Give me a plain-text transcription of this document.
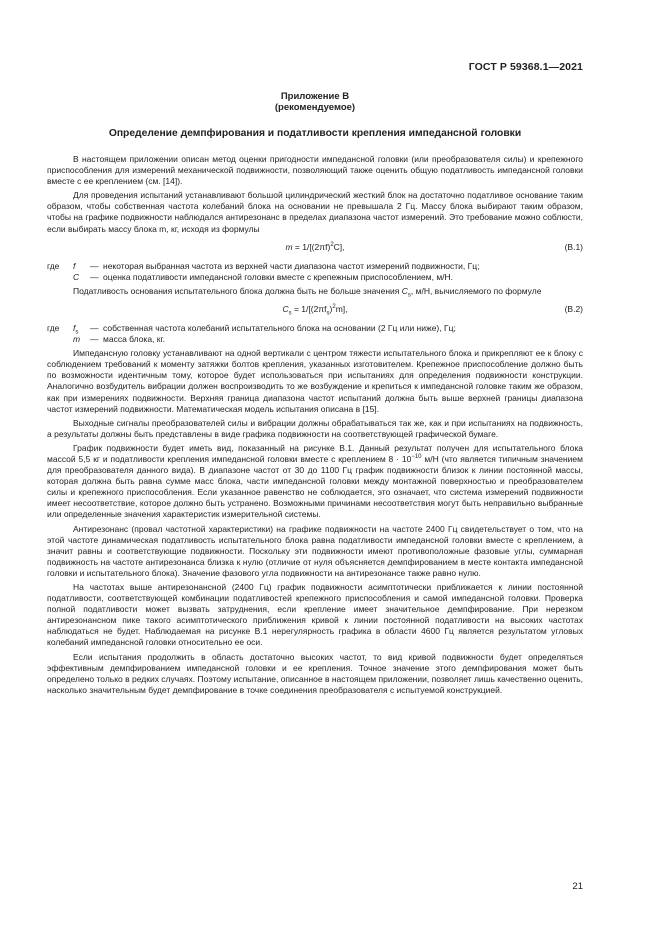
ГОСТ Р 59368.1—2021
Приложение В
(рекомендуемое)
Определение демпфирования и податливости крепления импедансной головки

В настоящем приложении описан метод оценки пригодности импедансной головки (или преобразователя силы) и крепежного приспособления для измерений механической подвижности, позволяющий также оценить общую податливость импедансной головки вместе с ее креплением (см. [14]).

Для проведения испытаний устанавливают большой цилиндрический жесткий блок на достаточно податливое основание таким образом, чтобы собственная частота колебаний блока на основании не превышала 2 Гц. Массу блока выбирают таким образом, чтобы на графике подвижности наблюдался антирезонанс в пределах диапазона частот измерений. Это требование можно соблюсти, если выбирать массу блока m, кг, исходя из формулы

$m = 1/[(2\pi f)^2C]$,	(В.1)
где	f	— некоторая выбранная частота из верхней части диапазона частот измерений подвижности, Гц;
C	— оценка податливости импедансной головки вместе с крепежным приспособлением, м/Н.

Податливость основания испытательного блока должна быть не больше значения $C_s$, м/Н, вычисляемого по формуле

$C_s = 1/[(2\pi f_s)^2m]$,	(В.2)
где	$f_s$	— собственная частота колебаний испытательного блока на основании (2 Гц или ниже), Гц;
m	— масса блока, кг.

Импедансную головку устанавливают на одной вертикали с центром тяжести испытательного блока и прикрепляют ее к блоку с соблюдением требований к моменту затяжки болтов крепления, указанных изготовителем. Крепежное приспособление должно быть по возможности идентичным тому, которое будет использоваться при испытаниях для определения подвижности конструкции. Аналогично возбудитель вибрации должен воспроизводить то же возбуждение и крепиться к импедансной головке таким же образом, как при измерениях подвижности. Верхняя граница диапазона частот испытаний должна быть выше верхней границы диапазона частот измерений подвижности. Математическая модель испытания описана в [15].

Выходные сигналы преобразователей силы и вибрации должны обрабатываться так же, как и при испытаниях на подвижность, а результаты должны быть представлены в виде графика подвижности на соответствующей графической бумаге.

График подвижности будет иметь вид, показанный на рисунке В.1. Данный результат получен для испытательного блока массой 5,5 кг и податливости крепления импедансной головки вместе с креплением $8 \cdot 10^{-10}$ м/Н (что является типичным значением для преобразователя данного вида). В диапазоне частот от 30 до 1100 Гц график подвижности близок к линии постоянной массы, которая должна быть равна сумме масс блока, части импедансной головки между монтажной поверхностью и преобразователем силы и крепежного приспособления. Если указанное равенство не соблюдается, это означает, что система измерений подвижности имеет несоответствие, которое должно быть устранено. Возможными причинами несоответствия могут быть неправильно выбранные или определенные значения характеристик измерительной системы.

Антирезонанс (провал частотной характеристики) на графике подвижности на частоте 2400 Гц свидетельствует о том, что на этой частоте динамическая податливость испытательного блока равна податливости импедансной головки вместе с креплением, а значит равны и соответствующие подвижности. Поскольку эти подвижности имеют противоположные фазовые углы, суммарная подвижность на частоте антирезонанса близка к нулю (отличие от нуля объясняется демпфированием в месте контакта импедансной головки и испытательного блока). Значение фазового угла подвижности на антирезонансе также равно нулю.

На частотах выше антирезонансной (2400 Гц) график подвижности асимптотически приближается к линии постоянной податливости, соответствующей комбинации податливостей крепежного приспособления и самой импедансной головки. Проверка полной податливости может вызвать затруднения, если крепление имеет значительное демпфирование. При нерезком антирезонансном пике такого асимптотического приближения кривой к линии постоянной податливости на высоких частотах наблюдаться не будет. Наблюдаемая на рисунке В.1 нерегулярность графика в области 4600 Гц является результатом угловых колебаний импедансной головки относительно ее оси.

Если испытания продолжить в область достаточно высоких частот, то вид кривой подвижности будет определяться эффективным демпфированием импедансной головки и ее крепления. Точное значение этого демпфирования может быть определено только в редких случаях. Поэтому испытание, описанное в настоящем приложении, позволяет лишь качественно оценить, насколько значительным будет демпфирование в точке соединения преобразователя с испытуемой конструкцией.

21
